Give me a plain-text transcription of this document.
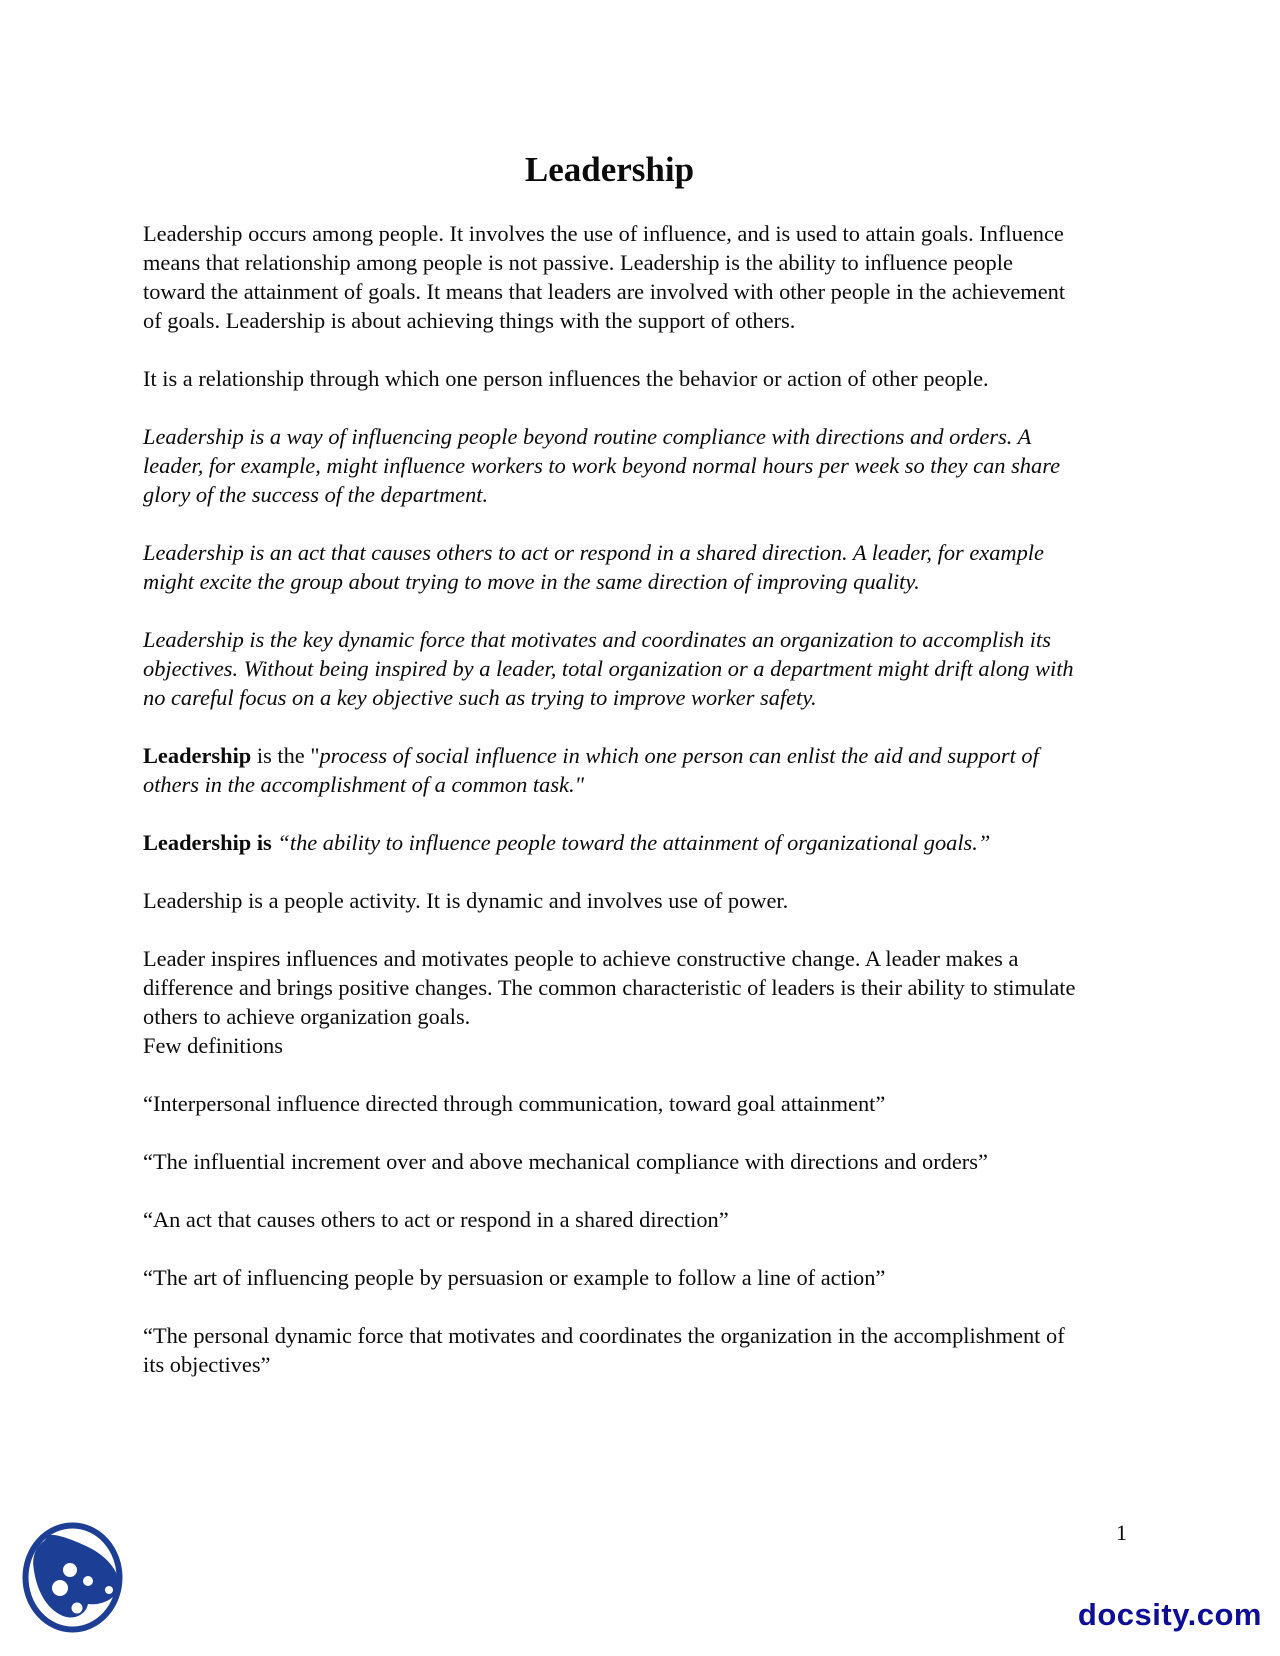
Leadership

Leadership occurs among people. It involves the use of influence, and is used to attain goals. Influence means that relationship among people is not passive. Leadership is the ability to influence people toward the attainment of goals. It means that leaders are involved with other people in the achievement of goals. Leadership is about achieving things with the support of others.

It is a relationship through which one person influences the behavior or action of other people.

Leadership is a way of influencing people beyond routine compliance with directions and orders. A leader, for example, might influence workers to work beyond normal hours per week so they can share glory of the success of the department.

Leadership is an act that causes others to act or respond in a shared direction. A leader, for example might excite the group about trying to move in the same direction of improving quality.

Leadership is the key dynamic force that motivates and coordinates an organization to accomplish its objectives. Without being inspired by a leader, total organization or a department might drift along with no careful focus on a key objective such as trying to improve worker safety.

Leadership is the "process of social influence in which one person can enlist the aid and support of others in the accomplishment of a common task."

Leadership is “the ability to influence people toward the attainment of organizational goals.”

Leadership is a people activity. It is dynamic and involves use of power.

Leader inspires influences and motivates people to achieve constructive change. A leader makes a difference and brings positive changes. The common characteristic of leaders is their ability to stimulate others to achieve organization goals.
Few definitions

“Interpersonal influence directed through communication, toward goal attainment”

“The influential increment over and above mechanical compliance with directions and orders”

“An act that causes others to act or respond in a shared direction”

“The art of influencing people by persuasion or example to follow a line of action”

“The personal dynamic force that motivates and coordinates the organization in the accomplishment of its objectives”

1
docsity.com
